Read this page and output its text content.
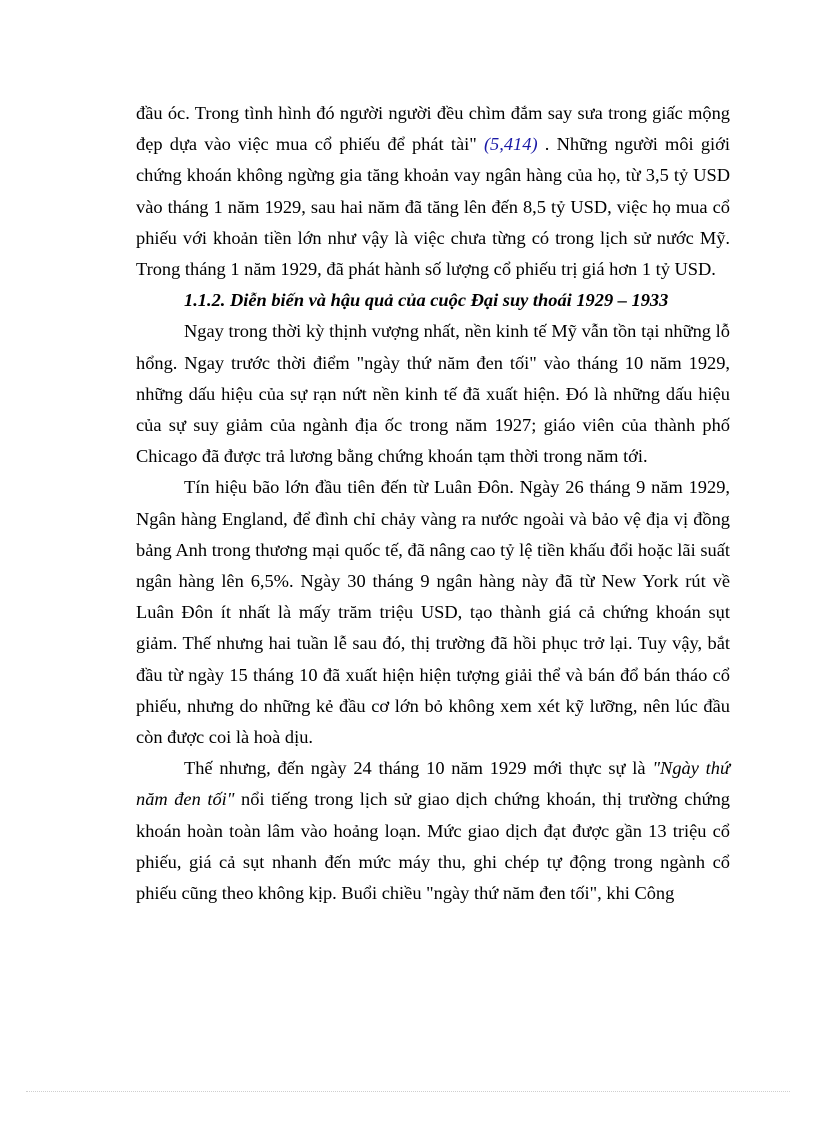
đầu óc. Trong tình hình đó người người đều chìm đắm say sưa trong giấc mộng đẹp dựa vào việc mua cổ phiếu để phát tài" (5,414) . Những người môi giới chứng khoán không ngừng gia tăng khoản vay ngân hàng của họ, từ 3,5 tỷ USD vào tháng 1 năm 1929, sau hai năm đã tăng lên đến 8,5 tỷ USD, việc họ mua cổ phiếu với khoản tiền lớn như vậy là việc chưa từng có trong lịch sử nước Mỹ. Trong tháng 1 năm 1929, đã phát hành số lượng cổ phiếu trị giá hơn 1 tỷ USD.

1.1.2. Diễn biến và hậu quả của cuộc Đại suy thoái 1929 – 1933

Ngay trong thời kỳ thịnh vượng nhất, nền kinh tế Mỹ vẫn tồn tại những lỗ hổng. Ngay trước thời điểm "ngày thứ năm đen tối" vào tháng 10 năm 1929, những dấu hiệu của sự rạn nứt nền kinh tế đã xuất hiện. Đó là những dấu hiệu của sự suy giảm của ngành địa ốc trong năm 1927; giáo viên của thành phố Chicago đã được trả lương bằng chứng khoán tạm thời trong năm tới.

Tín hiệu bão lớn đầu tiên đến từ Luân Đôn. Ngày 26 tháng 9 năm 1929, Ngân hàng England, để đình chỉ chảy vàng ra nước ngoài và bảo vệ địa vị đồng bảng Anh trong thương mại quốc tế, đã nâng cao tỷ lệ tiền khấu đổi hoặc lãi suất ngân hàng lên 6,5%. Ngày 30 tháng 9 ngân hàng này đã từ New York rút về Luân Đôn ít nhất là mấy trăm triệu USD, tạo thành giá cả chứng khoán sụt giảm. Thế nhưng hai tuần lễ sau đó, thị trường đã hồi phục trở lại. Tuy vậy, bắt đầu từ ngày 15 tháng 10 đã xuất hiện hiện tượng giải thể và bán đổ bán tháo cổ phiếu, nhưng do những kẻ đầu cơ lớn bỏ không xem xét kỹ lưỡng, nên lúc đầu còn được coi là hoà dịu.

Thế nhưng, đến ngày 24 tháng 10 năm 1929 mới thực sự là "Ngày thứ năm đen tối" nổi tiếng trong lịch sử giao dịch chứng khoán, thị trường chứng khoán hoàn toàn lâm vào hoảng loạn. Mức giao dịch đạt được gần 13 triệu cổ phiếu, giá cả sụt nhanh đến mức máy thu, ghi chép tự động trong ngành cổ phiếu cũng theo không kịp. Buổi chiều "ngày thứ năm đen tối", khi Công
